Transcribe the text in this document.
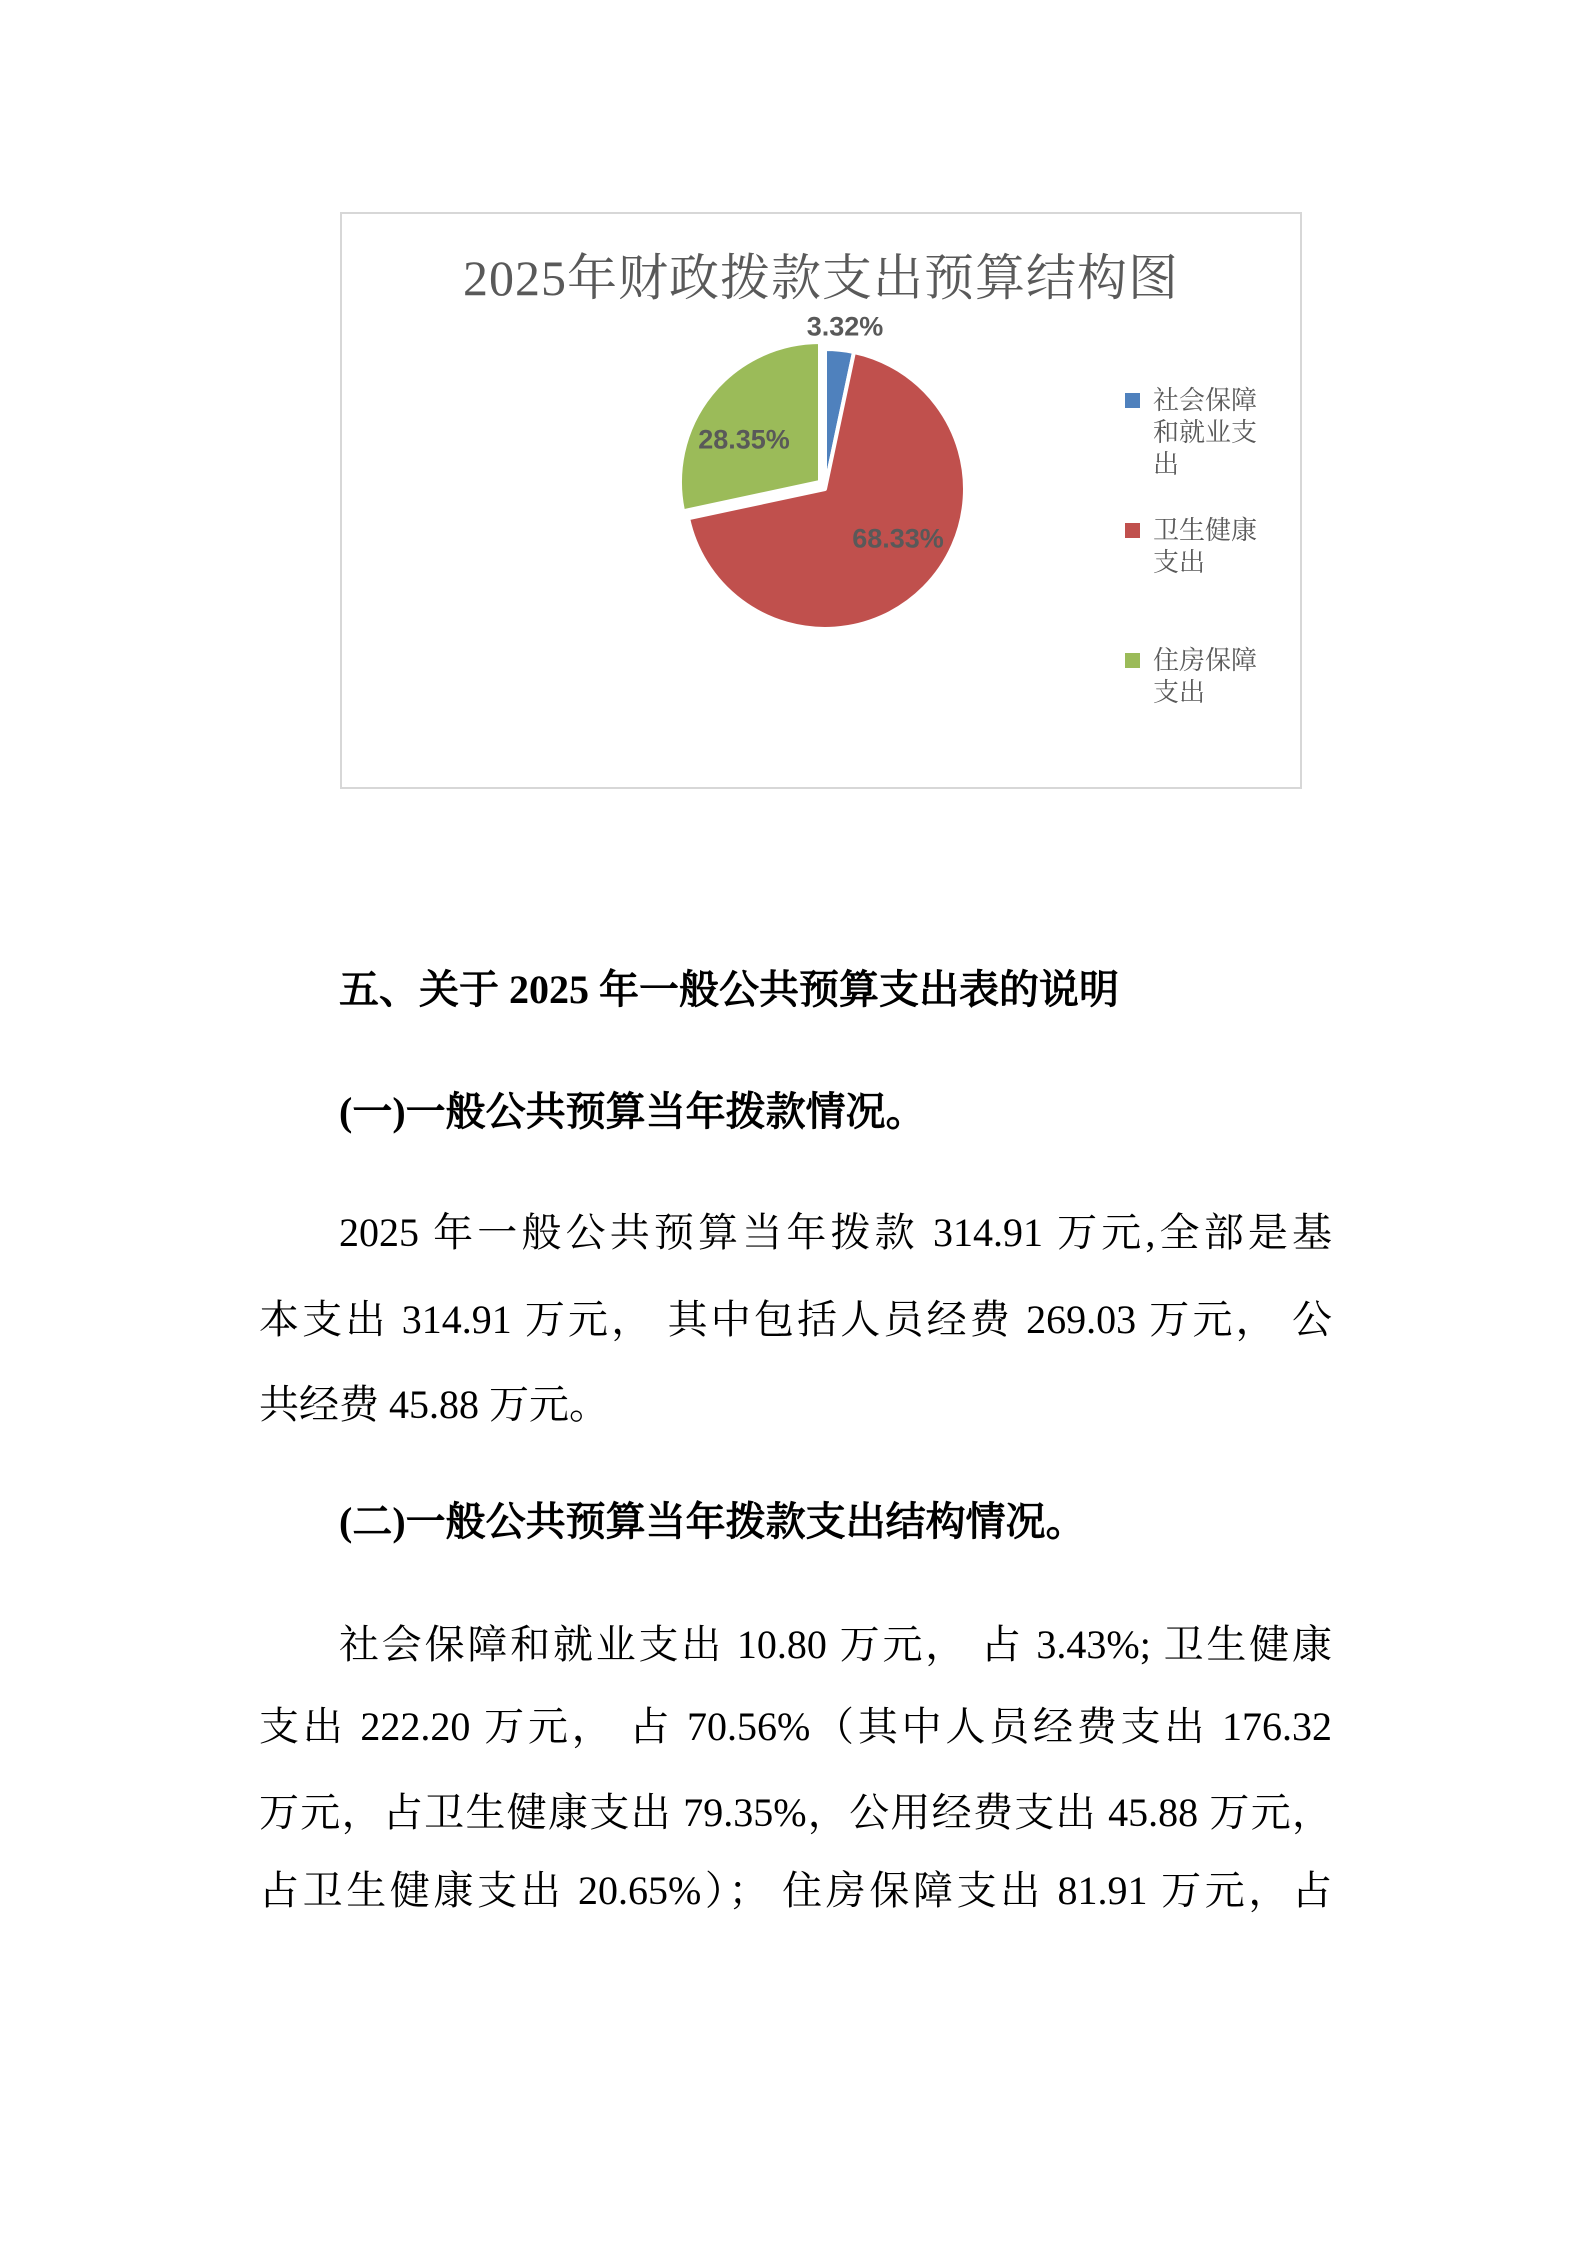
2025年财政拨款支出预算结构图
3.32%
68.33%
28.35%
社会保障和就业支出
卫生健康支出
住房保障支出
五、关于 2025 年一般公共预算支出表的说明
(一)一般公共预算当年拨款情况。
2025 年一般公共预算当年拨款 314.91 万元,全部是基
本支出 314.91 万元， 其中包括人员经费 269.03 万元， 公
共经费 45.88 万元。
(二)一般公共预算当年拨款支出结构情况。
社会保障和就业支出 10.80 万元， 占 3.43%; 卫生健康
支出 222.20 万元， 占 70.56%（其中人员经费支出 176.32
万元，占卫生健康支出 79.35%，公用经费支出 45.88 万元，
占卫生健康支出 20.65%）； 住房保障支出 81.91 万元，占
